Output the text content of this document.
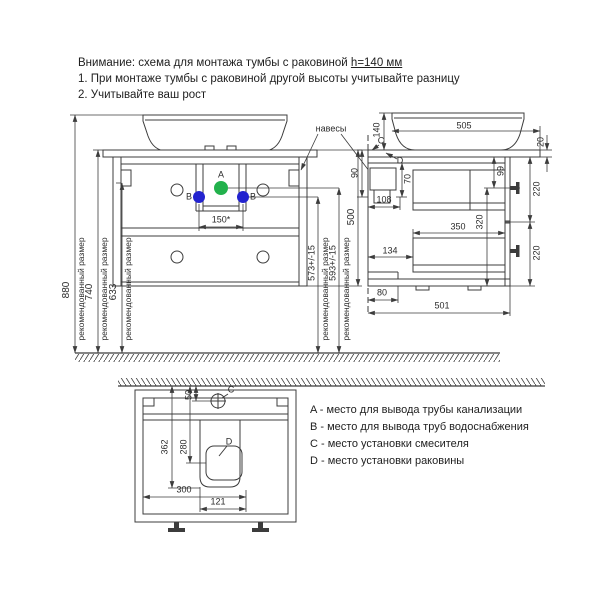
Внимание: схема для монтажа тумбы с раковиной h=140 мм
1. При монтаже тумбы с раковиной другой высоты учитывайте разницу
2. Учитывайте ваш рост
880 рекомендованный размер
740 рекомендованный размер 633 рекомендованный размер	573+/-15 рекомендованный размер
593+/-15 рекомендованный размер
500
150*
A
B	B
навесы	140	505
20
C
D
90
70
108
99
220
220
350 320
134
80
501
50
C
D
362 280
300
121
A - место для вывода трубы канализации
B - место для вывода труб водоснабжения
C - место установки смесителя
D - место установки раковины
